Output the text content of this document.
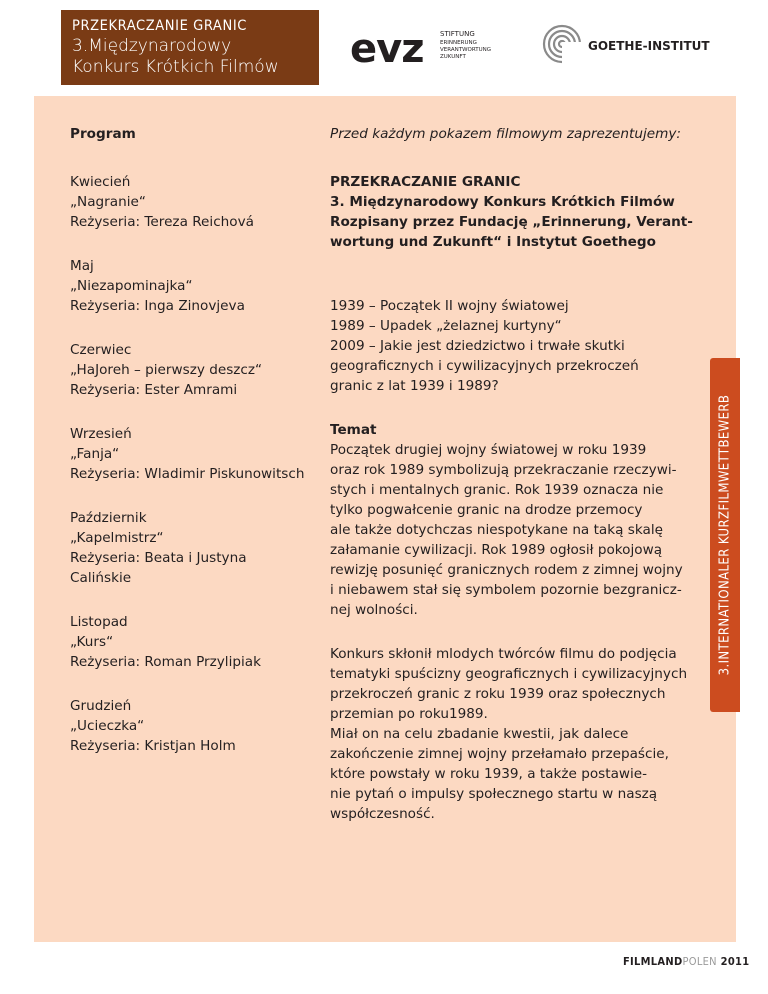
PRZEKRACZANIE GRANIC
3.Międzynarodowy
Konkurs Krótkich Filmów evz STIFTUNG
ERINNERUNG
VERANTWORTUNG
ZUKUNFT
GOETHE-INSTITUT
3.INTERNATIONALER KURZFILMWETTBEWERB

Program

Kwiecień

„Nagranie“

Reżyseria: Tereza Reichová

Maj

„Niezapominajka“

Reżyseria: Inga Zinovjeva

Czerwiec

„HaJoreh – pierwszy deszcz“

Reżyseria: Ester Amrami

Wrzesień

„Fanja“

Reżyseria: Wladimir Piskunowitsch

Październik

„Kapelmistrz“

Reżyseria: Beata i Justyna Calińskie

Listopad

„Kurs“

Reżyseria: Roman Przylipiak

Grudzień

„Ucieczka“

Reżyseria: Kristjan Holm

Przed każdym pokazem filmowym zaprezentujemy:

PRZEKRACZANIE GRANIC

3. Międzynarodowy Konkurs Krótkich Filmów

Rozpisany przez Fundację „Erinnerung, Verant-

wortung und Zukunft“ i Instytut Goethego

1939 – Początek II wojny światowej

1989 – Upadek „żelaznej kurtyny“

2009 – Jakie jest dziedzictwo i trwałe skutki

geograficznych i cywilizacyjnych przekroczeń

granic z lat 1939 i 1989?

Temat

Początek drugiej wojny światowej w roku 1939

oraz rok 1989 symbolizują przekraczanie rzeczywi-

stych i mentalnych granic. Rok 1939 oznacza nie

tylko pogwałcenie granic na drodze przemocy

ale także dotychczas niespotykane na taką skalę

załamanie cywilizacji. Rok 1989 ogłosił pokojową

rewizję posunięć granicznych rodem z zimnej wojny

i niebawem stał się symbolem pozornie bezgranicz-

nej wolności.

Konkurs skłonił mlodych twórców filmu do podjęcia

tematyki spuścizny geograficznych i cywilizacyjnych

przekroczeń granic z roku 1939 oraz społecznych

przemian po roku1989.

Miał on na celu zbadanie kwestii, jak dalece

zakończenie zimnej wojny przełamało przepaście,

które powstały w roku 1939, a także postawie-

nie pytań o impulsy społecznego startu w naszą

współczesność.

FILMLANDPOLEN 2011
